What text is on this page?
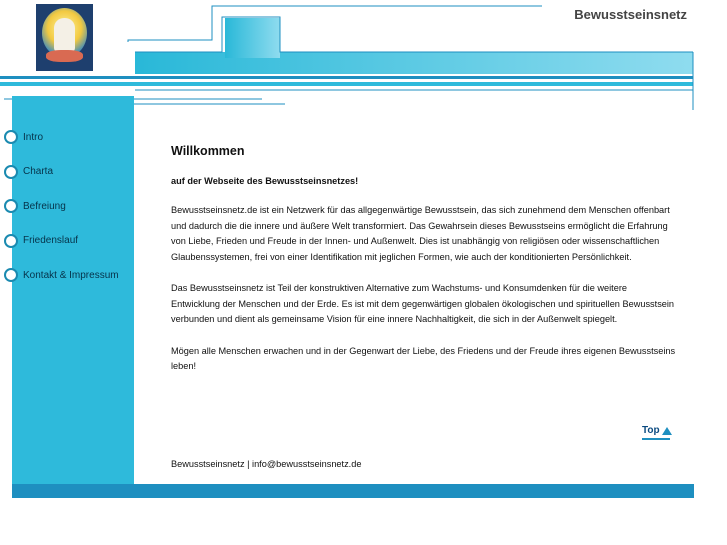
Bewusstseinsnetz
Intro
Charta
Befreiung
Friedenslauf
Kontakt & Impressum
Willkommen
auf der Webseite des Bewusstseinsnetzes!

Bewusstseinsnetz.de ist ein Netzwerk für das allgegenwärtige Bewusstsein, das sich zunehmend dem Menschen offenbart und dadurch die die innere und äußere Welt transformiert. Das Gewahrsein dieses Bewusstseins ermöglicht die Erfahrung von Liebe, Frieden und Freude in der Innen- und Außenwelt. Dies ist unabhängig von religiösen oder wissenschaftlichen Glaubenssystemen, frei von einer Identifikation mit jeglichen Formen, wie auch der konditionierten Persönlichkeit.

Das Bewusstseinsnetz ist Teil der konstruktiven Alternative zum Wachstums- und Konsumdenken für die weitere Entwicklung der Menschen und der Erde. Es ist mit dem gegenwärtigen globalen ökologischen und spirituellen Bewusstsein verbunden und dient als gemeinsame Vision für eine innere Nachhaltigkeit, die sich in der Außenwelt spiegelt.

Mögen alle Menschen erwachen und in der Gegenwart der Liebe, des Friedens und der Freude ihres eigenen Bewusstseins leben!

Top
Bewusstseinsnetz | info@bewusstseinsnetz.de
